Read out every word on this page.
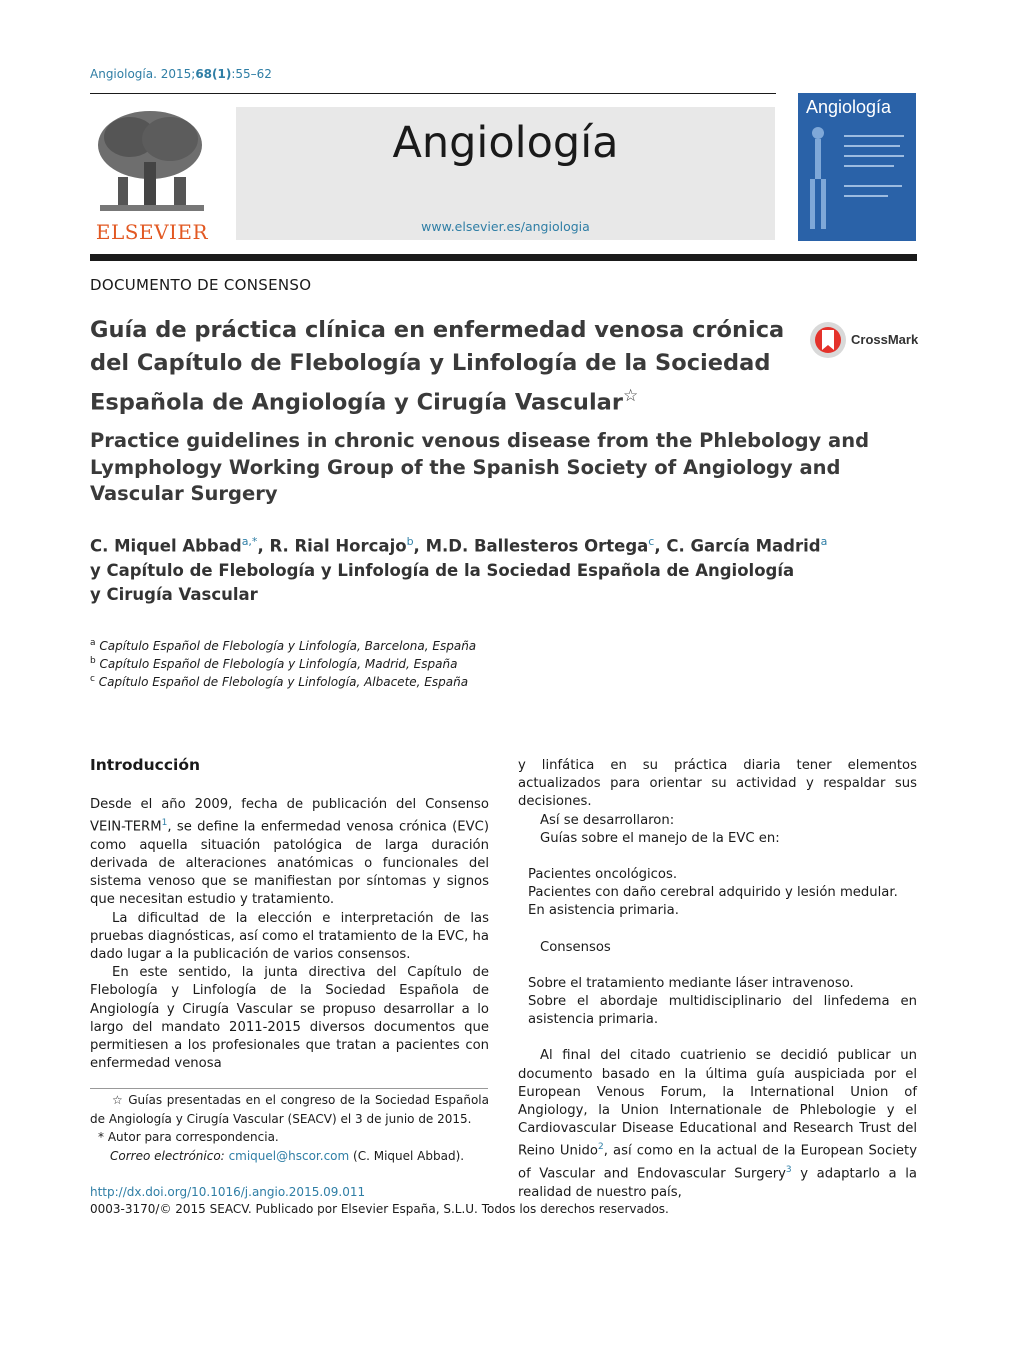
Angiología. 2015;68(1):55–62
ELSEVIER
Angiología
www.elsevier.es/angiologia
Angiología
DOCUMENTO DE CONSENSO
Guía de práctica clínica en enfermedad venosa crónica del Capítulo de Flebología y Linfología de la Sociedad Española de Angiología y Cirugía Vascular☆
CrossMark
Practice guidelines in chronic venous disease from the Phlebology and Lymphology Working Group of the Spanish Society of Angiology and Vascular Surgery
C. Miquel Abbad$^{a,*}$, R. Rial Horcajo$^b$, M.D. Ballesteros Ortega$^c$, C. García Madrid$^a$
y Capítulo de Flebología y Linfología de la Sociedad Española de Angiología y Cirugía Vascular
$^a$ Capítulo Español de Flebología y Linfología, Barcelona, España
$^b$ Capítulo Español de Flebología y Linfología, Madrid, España
$^c$ Capítulo Español de Flebología y Linfología, Albacete, España
Introducción

Desde el año 2009, fecha de publicación del Consenso VEIN-TERM$^1$, se define la enfermedad venosa crónica (EVC) como aquella situación patológica de larga duración derivada de alteraciones anatómicas o funcionales del sistema venoso que se manifiestan por síntomas y signos que necesitan estudio y tratamiento.

La dificultad de la elección e interpretación de las pruebas diagnósticas, así como el tratamiento de la EVC, ha dado lugar a la publicación de varios consensos.

En este sentido, la junta directiva del Capítulo de Flebología y Linfología de la Sociedad Española de Angiología y Cirugía Vascular se propuso desarrollar a lo largo del mandato 2011-2015 diversos documentos que permitiesen a los profesionales que tratan a pacientes con enfermedad venosa

☆ Guías presentadas en el congreso de la Sociedad Española de Angiología y Cirugía Vascular (SEACV) el 3 de junio de 2015.

* Autor para correspondencia.

Correo electrónico: cmiquel@hscor.com (C. Miquel Abbad).

y linfática en su práctica diaria tener elementos actualizados para orientar su actividad y respaldar sus decisiones.

Así se desarrollaron:

Guías sobre el manejo de la EVC en:

Pacientes oncológicos.

Pacientes con daño cerebral adquirido y lesión medular.

En asistencia primaria.

Consensos

Sobre el tratamiento mediante láser intravenoso.

Sobre el abordaje multidisciplinario del linfedema en asistencia primaria.

Al final del citado cuatrienio se decidió publicar un documento basado en la última guía auspiciada por el European Venous Forum, la International Union of Angiology, la Union Internationale de Phlebologie y el Cardiovascular Disease Educational and Research Trust del Reino Unido$^2$, así como en la actual de la European Society of Vascular and Endovascular Surgery$^3$ y adaptarlo a la realidad de nuestro país,

http://dx.doi.org/10.1016/j.angio.2015.09.011
0003-3170/© 2015 SEACV. Publicado por Elsevier España, S.L.U. Todos los derechos reservados.
